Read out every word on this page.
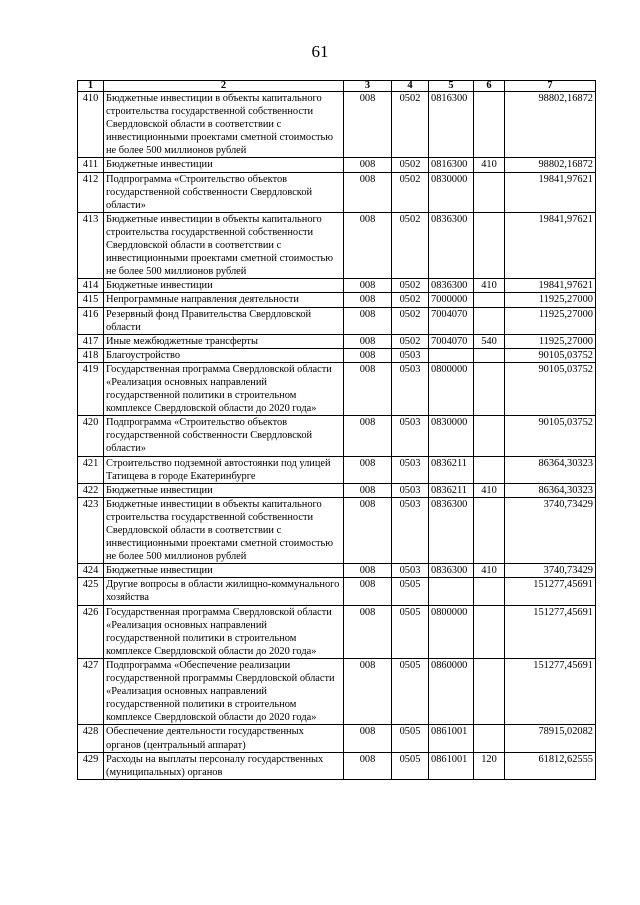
61
1	2	3	4	5	6	7
410	Бюджетные инвестиции в объекты капитального строительства государственной собственности Свердловской области в соответствии с инвестиционными проектами сметной стоимостью не более 500 миллионов рублей	008	0502	0816300		98802,16872
411	Бюджетные инвестиции	008	0502	0816300	410	98802,16872
412	Подпрограмма «Строительство объектов государственной собственности Свердловской области»	008	0502	0830000		19841,97621
413	Бюджетные инвестиции в объекты капитального строительства государственной собственности Свердловской области в соответствии с инвестиционными проектами сметной стоимостью не более 500 миллионов рублей	008	0502	0836300		19841,97621
414	Бюджетные инвестиции	008	0502	0836300	410	19841,97621
415	Непрограммные направления деятельности	008	0502	7000000		11925,27000
416	Резервный фонд Правительства Свердловской области	008	0502	7004070		11925,27000
417	Иные межбюджетные трансферты	008	0502	7004070	540	11925,27000
418	Благоустройство	008	0503			90105,03752
419	Государственная программа Свердловской области «Реализация основных направлений государственной политики в строительном комплексе Свердловской области до 2020 года»	008	0503	0800000		90105,03752
420	Подпрограмма «Строительство объектов государственной собственности Свердловской области»	008	0503	0830000		90105,03752
421	Строительство подземной автостоянки под улицей Татищева в городе Екатеринбурге	008	0503	0836211		86364,30323
422	Бюджетные инвестиции	008	0503	0836211	410	86364,30323
423	Бюджетные инвестиции в объекты капитального строительства государственной собственности Свердловской области в соответствии с инвестиционными проектами сметной стоимостью не более 500 миллионов рублей	008	0503	0836300		3740,73429
424	Бюджетные инвестиции	008	0503	0836300	410	3740,73429
425	Другие вопросы в области жилищно-коммунального хозяйства	008	0505			151277,45691
426	Государственная программа Свердловской области «Реализация основных направлений государственной политики в строительном комплексе Свердловской области до 2020 года»	008	0505	0800000		151277,45691
427	Подпрограмма «Обеспечение реализации государственной программы Свердловской области «Реализация основных направлений государственной политики в строительном комплексе Свердловской области до 2020 года»	008	0505	0860000		151277,45691
428	Обеспечение деятельности государственных органов (центральный аппарат)	008	0505	0861001		78915,02082
429	Расходы на выплаты персоналу государственных (муниципальных) органов	008	0505	0861001	120	61812,62555
